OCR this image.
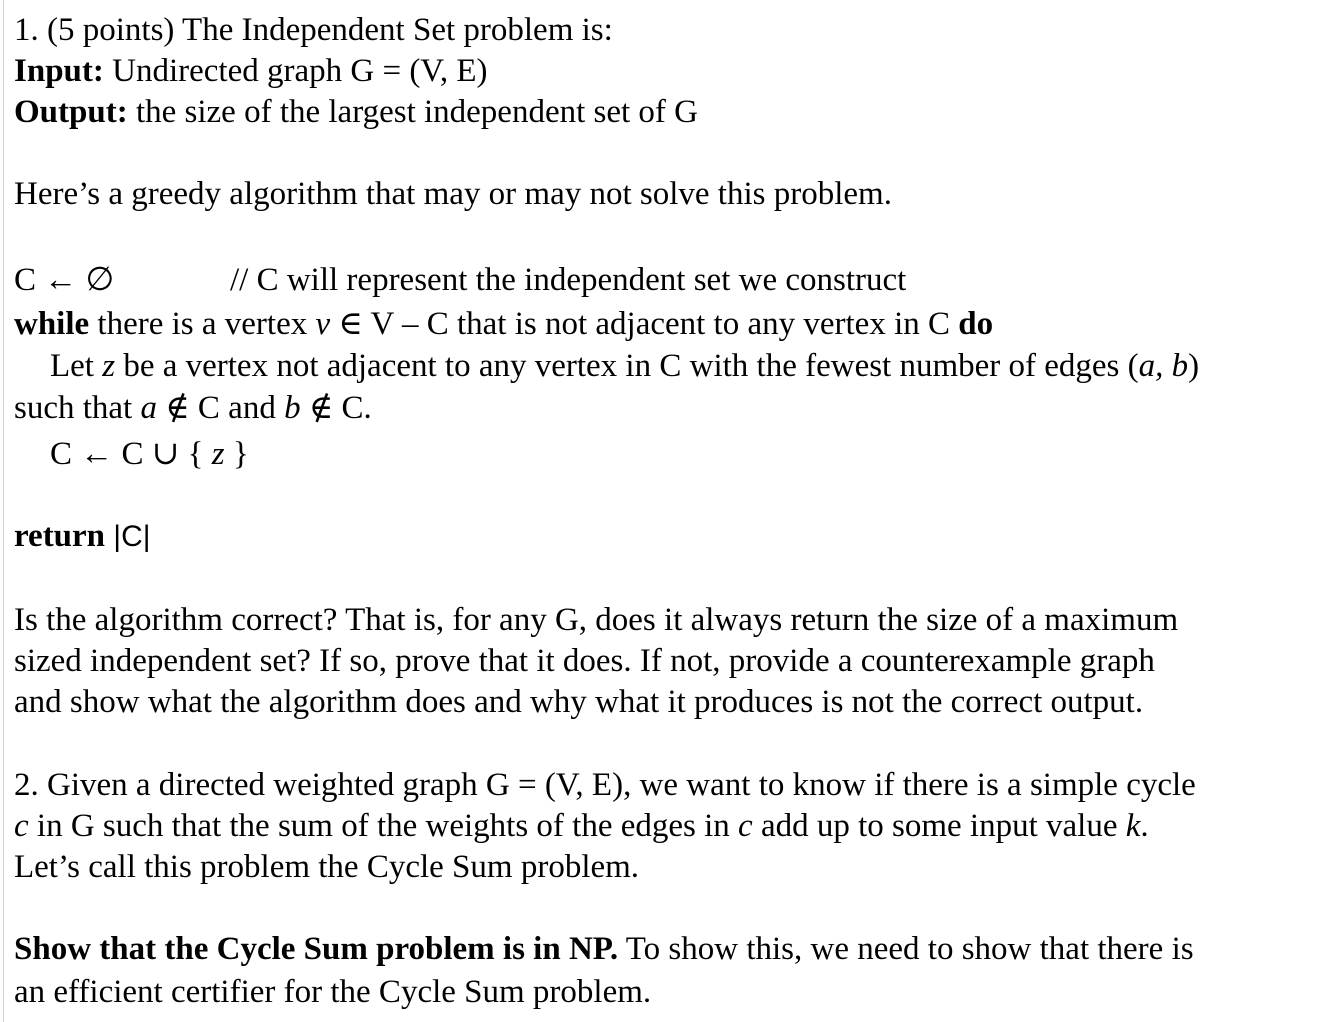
1. (5 points) The Independent Set problem is:
Input: Undirected graph G = (V, E)
Output: the size of the largest independent set of G
Here’s a greedy algorithm that may or may not solve this problem.
C ← ∅	// C will represent the independent set we construct
while there is a vertex v ∈ V – C that is not adjacent to any vertex in C do
Let z be a vertex not adjacent to any vertex in C with the fewest number of edges (a, b)
such that a ∉ C and b ∉ C.
C ← C ∪ { z }
return |C|
Is the algorithm correct? That is, for any G, does it always return the size of a maximum
sized independent set? If so, prove that it does. If not, provide a counterexample graph
and show what the algorithm does and why what it produces is not the correct output.
2. Given a directed weighted graph G = (V, E), we want to know if there is a simple cycle
c in G such that the sum of the weights of the edges in c add up to some input value k.
Let’s call this problem the Cycle Sum problem.
Show that the Cycle Sum problem is in NP. To show this, we need to show that there is
an efficient certifier for the Cycle Sum problem.
